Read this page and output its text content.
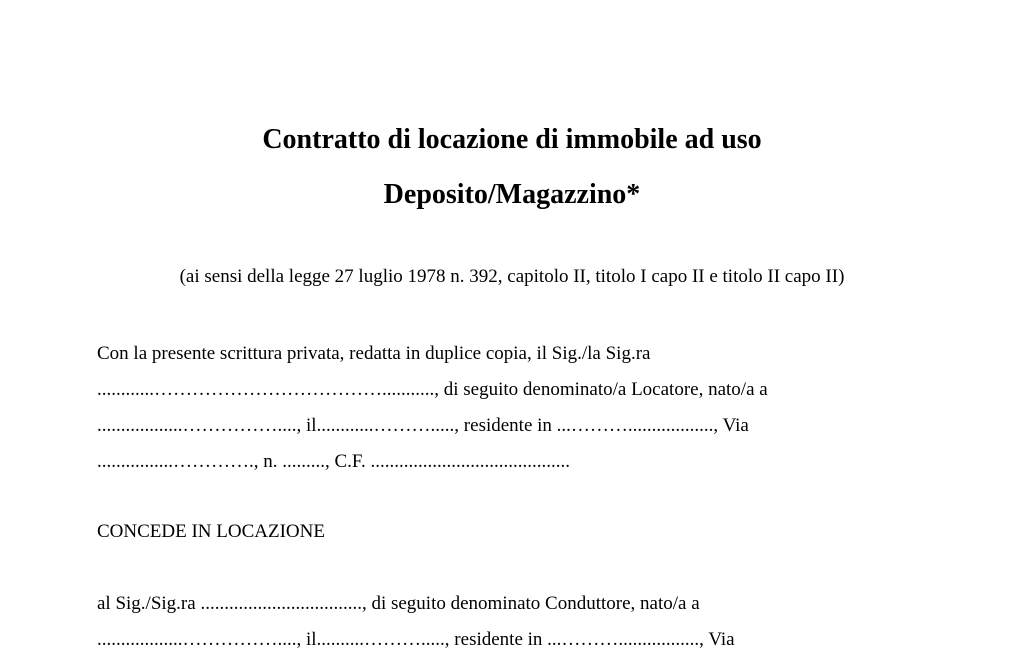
Contratto di locazione di immobile ad uso
Deposito/Magazzino*
(ai sensi della legge 27 luglio 1978 n. 392, capitolo II, titolo I capo II e titolo II capo II)
Con la presente scrittura privata, redatta in duplice copia, il Sig./la Sig.ra
............………………………………..........., di seguito denominato/a Locatore, nato/a a
..................……………...., il............………....., residente in ...……….................., Via
................…………., n. ........., C.F. ..........................................
CONCEDE IN LOCAZIONE
al Sig./Sig.ra .................................., di seguito denominato Conduttore, nato/a a
..................……………...., il..........………....., residente in ...………................., Via
